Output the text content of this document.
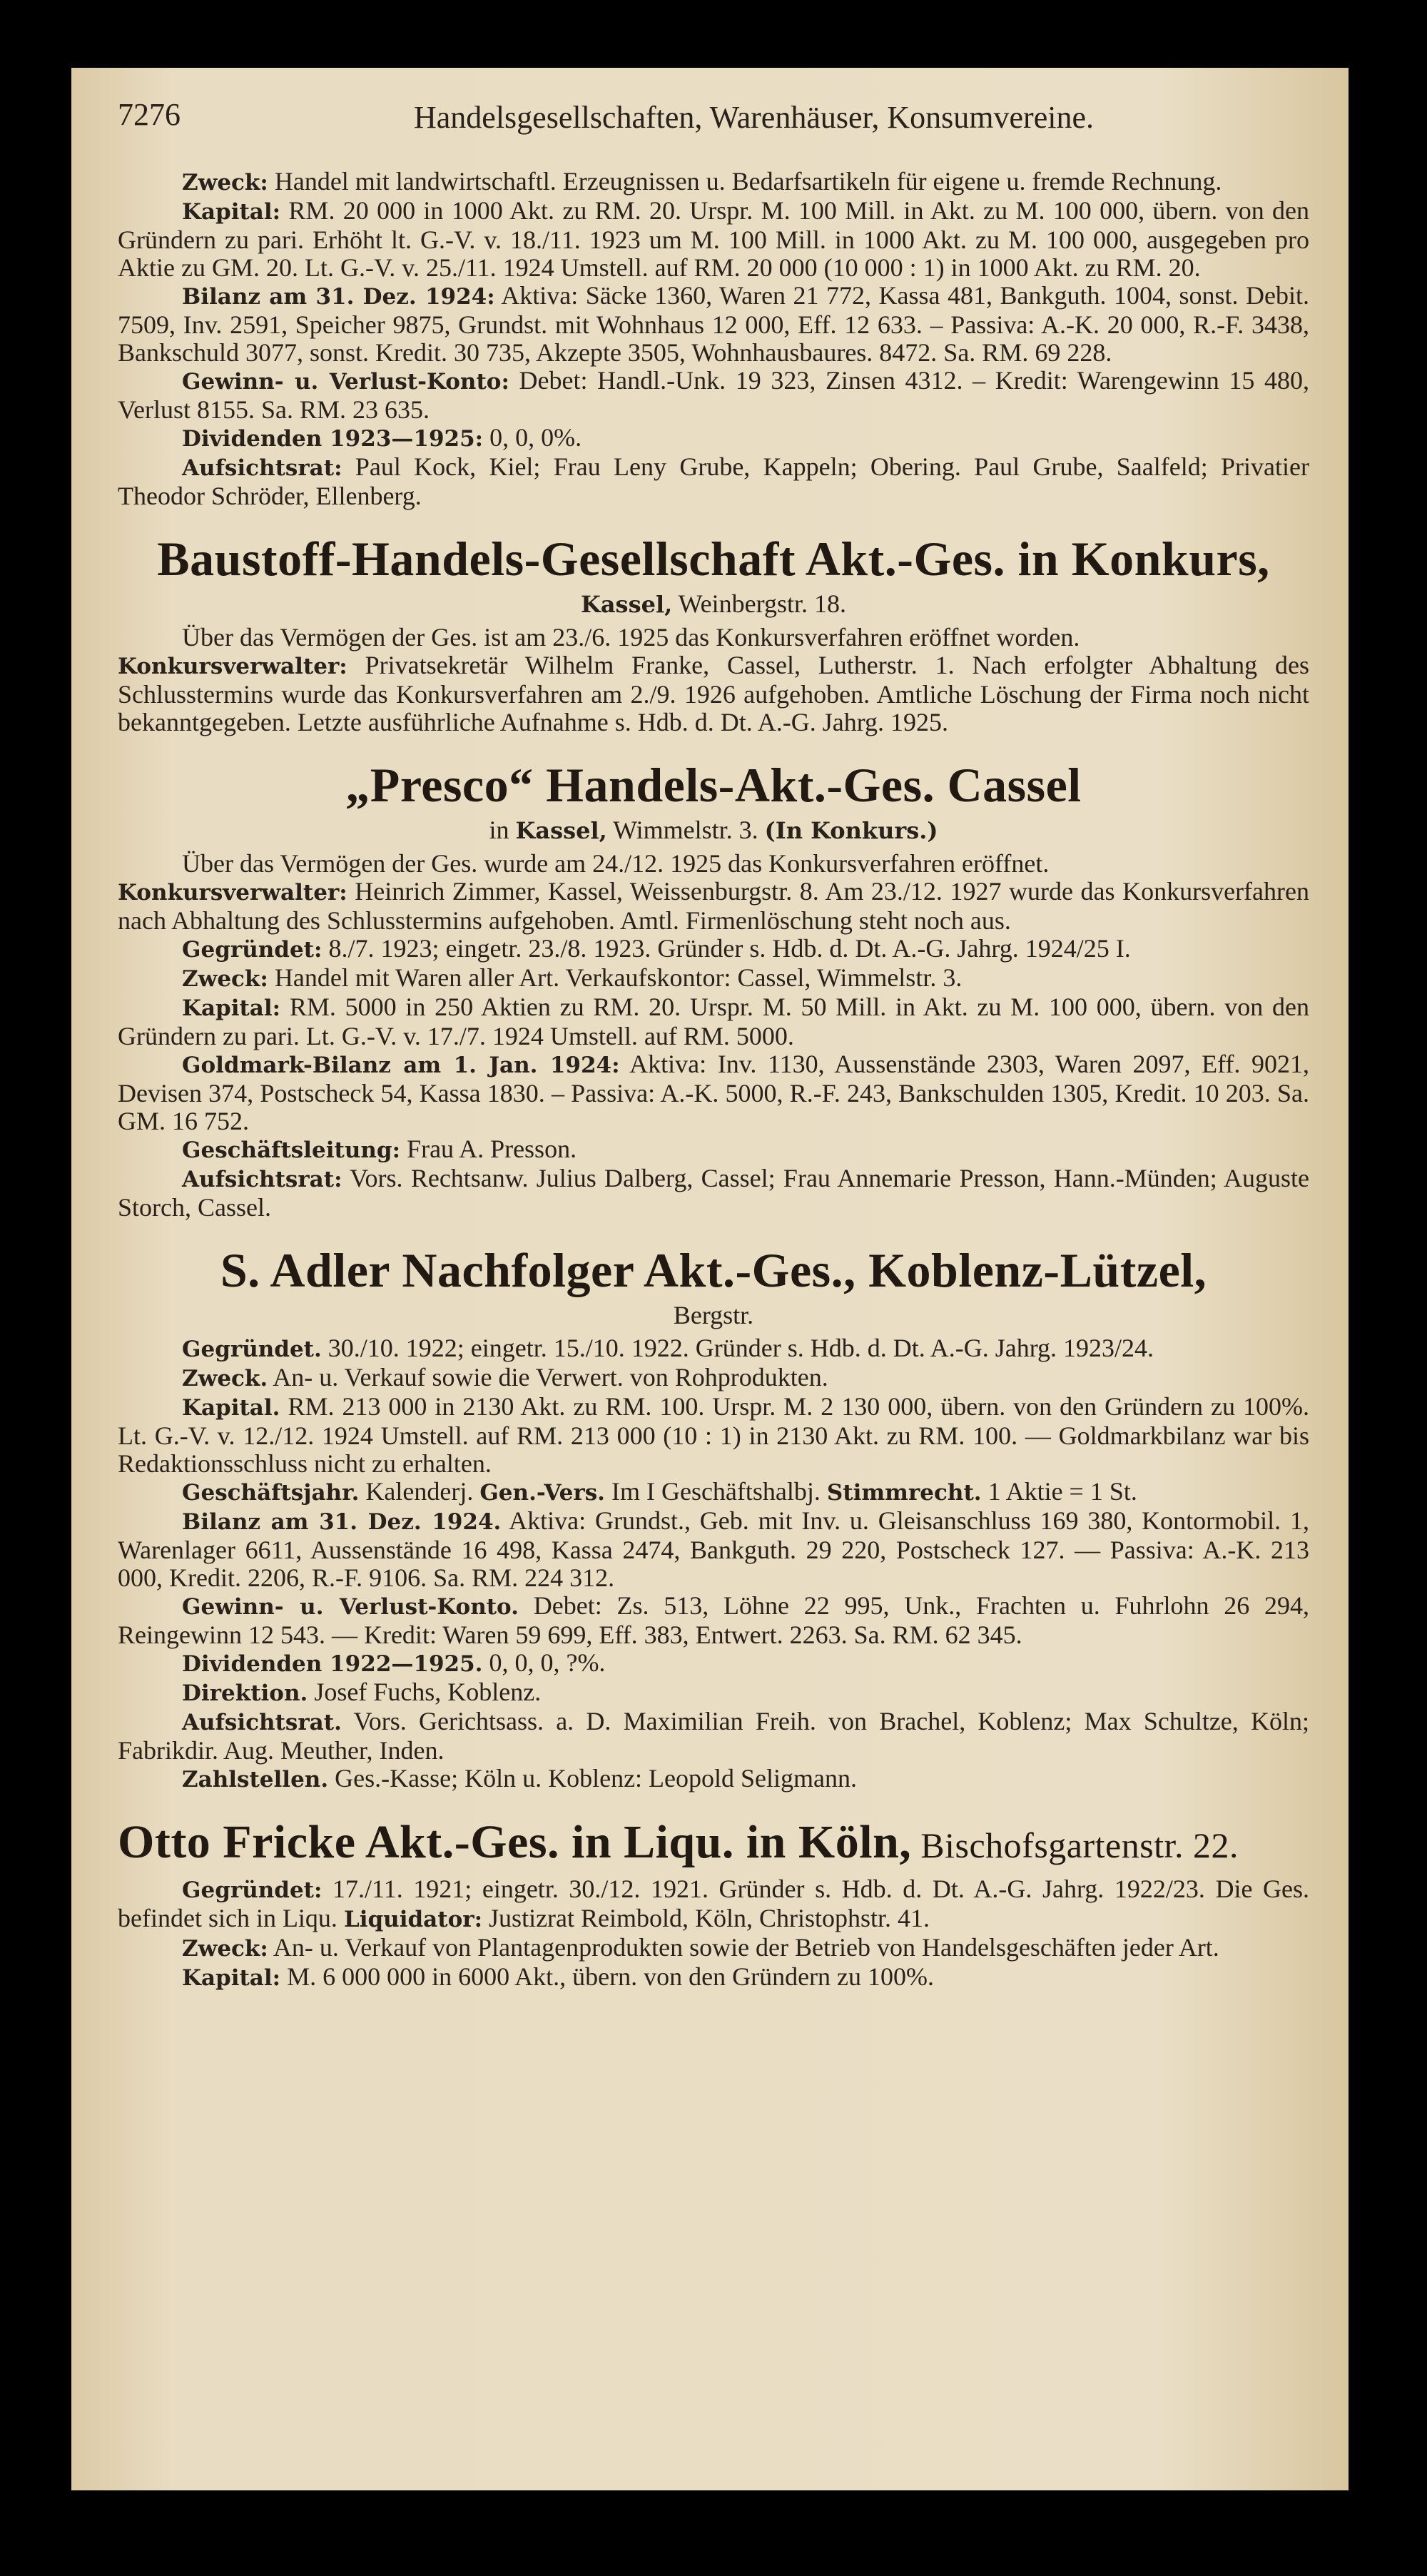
7276	Handelsgesellschaften, Warenhäuser, Konsumvereine.

Zweck: Handel mit landwirtschaftl. Erzeugnissen u. Bedarfsartikeln für eigene u. fremde Rechnung.

Kapital: RM. 20 000 in 1000 Akt. zu RM. 20. Urspr. M. 100 Mill. in Akt. zu M. 100 000, übern. von den Gründern zu pari. Erhöht lt. G.-V. v. 18./11. 1923 um M. 100 Mill. in 1000 Akt. zu M. 100 000, ausgegeben pro Aktie zu GM. 20. Lt. G.-V. v. 25./11. 1924 Umstell. auf RM. 20 000 (10 000 : 1) in 1000 Akt. zu RM. 20.

Bilanz am 31. Dez. 1924: Aktiva: Säcke 1360, Waren 21 772, Kassa 481, Bankguth. 1004, sonst. Debit. 7509, Inv. 2591, Speicher 9875, Grundst. mit Wohnhaus 12 000, Eff. 12 633. – Passiva: A.-K. 20 000, R.-F. 3438, Bankschuld 3077, sonst. Kredit. 30 735, Akzepte 3505, Wohnhausbaures. 8472. Sa. RM. 69 228.

Gewinn- u. Verlust-Konto: Debet: Handl.-Unk. 19 323, Zinsen 4312. – Kredit: Warengewinn 15 480, Verlust 8155. Sa. RM. 23 635.

Dividenden 1923—1925: 0, 0, 0%.

Aufsichtsrat: Paul Kock, Kiel; Frau Leny Grube, Kappeln; Obering. Paul Grube, Saalfeld; Privatier Theodor Schröder, Ellenberg.

Baustoff-Handels-Gesellschaft Akt.-Ges. in Konkurs,
Kassel, Weinbergstr. 18.

Über das Vermögen der Ges. ist am 23./6. 1925 das Konkursverfahren eröffnet worden.

Konkursverwalter: Privatsekretär Wilhelm Franke, Cassel, Lutherstr. 1. Nach erfolgter Abhaltung des Schlusstermins wurde das Konkursverfahren am 2./9. 1926 aufgehoben. Amtliche Löschung der Firma noch nicht bekanntgegeben. Letzte ausführliche Aufnahme s. Hdb. d. Dt. A.-G. Jahrg. 1925.

„Presco“ Handels-Akt.-Ges. Cassel
in Kassel, Wimmelstr. 3. (In Konkurs.)

Über das Vermögen der Ges. wurde am 24./12. 1925 das Konkursverfahren eröffnet.

Konkursverwalter: Heinrich Zimmer, Kassel, Weissenburgstr. 8. Am 23./12. 1927 wurde das Konkursverfahren nach Abhaltung des Schlusstermins aufgehoben. Amtl. Firmenlöschung steht noch aus.

Gegründet: 8./7. 1923; eingetr. 23./8. 1923. Gründer s. Hdb. d. Dt. A.-G. Jahrg. 1924/25 I.

Zweck: Handel mit Waren aller Art. Verkaufskontor: Cassel, Wimmelstr. 3.

Kapital: RM. 5000 in 250 Aktien zu RM. 20. Urspr. M. 50 Mill. in Akt. zu M. 100 000, übern. von den Gründern zu pari. Lt. G.-V. v. 17./7. 1924 Umstell. auf RM. 5000.

Goldmark-Bilanz am 1. Jan. 1924: Aktiva: Inv. 1130, Aussenstände 2303, Waren 2097, Eff. 9021, Devisen 374, Postscheck 54, Kassa 1830. – Passiva: A.-K. 5000, R.-F. 243, Bankschulden 1305, Kredit. 10 203. Sa. GM. 16 752.

Geschäftsleitung: Frau A. Presson.

Aufsichtsrat: Vors. Rechtsanw. Julius Dalberg, Cassel; Frau Annemarie Presson, Hann.-Münden; Auguste Storch, Cassel.

S. Adler Nachfolger Akt.-Ges., Koblenz-Lützel,
Bergstr.

Gegründet. 30./10. 1922; eingetr. 15./10. 1922. Gründer s. Hdb. d. Dt. A.-G. Jahrg. 1923/24.

Zweck. An- u. Verkauf sowie die Verwert. von Rohprodukten.

Kapital. RM. 213 000 in 2130 Akt. zu RM. 100. Urspr. M. 2 130 000, übern. von den Gründern zu 100%. Lt. G.-V. v. 12./12. 1924 Umstell. auf RM. 213 000 (10 : 1) in 2130 Akt. zu RM. 100. — Goldmarkbilanz war bis Redaktionsschluss nicht zu erhalten.

Geschäftsjahr. Kalenderj. Gen.-Vers. Im I Geschäftshalbj. Stimmrecht. 1 Aktie = 1 St.

Bilanz am 31. Dez. 1924. Aktiva: Grundst., Geb. mit Inv. u. Gleisanschluss 169 380, Kontormobil. 1, Warenlager 6611, Aussenstände 16 498, Kassa 2474, Bankguth. 29 220, Postscheck 127. — Passiva: A.-K. 213 000, Kredit. 2206, R.-F. 9106. Sa. RM. 224 312.

Gewinn- u. Verlust-Konto. Debet: Zs. 513, Löhne 22 995, Unk., Frachten u. Fuhrlohn 26 294, Reingewinn 12 543. — Kredit: Waren 59 699, Eff. 383, Entwert. 2263. Sa. RM. 62 345.

Dividenden 1922—1925. 0, 0, 0, ?%.

Direktion. Josef Fuchs, Koblenz.

Aufsichtsrat. Vors. Gerichtsass. a. D. Maximilian Freih. von Brachel, Koblenz; Max Schultze, Köln; Fabrikdir. Aug. Meuther, Inden.

Zahlstellen. Ges.-Kasse; Köln u. Koblenz: Leopold Seligmann.

Otto Fricke Akt.-Ges. in Liqu. in Köln, Bischofsgartenstr. 22.

Gegründet: 17./11. 1921; eingetr. 30./12. 1921. Gründer s. Hdb. d. Dt. A.-G. Jahrg. 1922/23. Die Ges. befindet sich in Liqu. Liquidator: Justizrat Reimbold, Köln, Christophstr. 41.

Zweck: An- u. Verkauf von Plantagenprodukten sowie der Betrieb von Handelsgeschäften jeder Art.

Kapital: M. 6 000 000 in 6000 Akt., übern. von den Gründern zu 100%.
